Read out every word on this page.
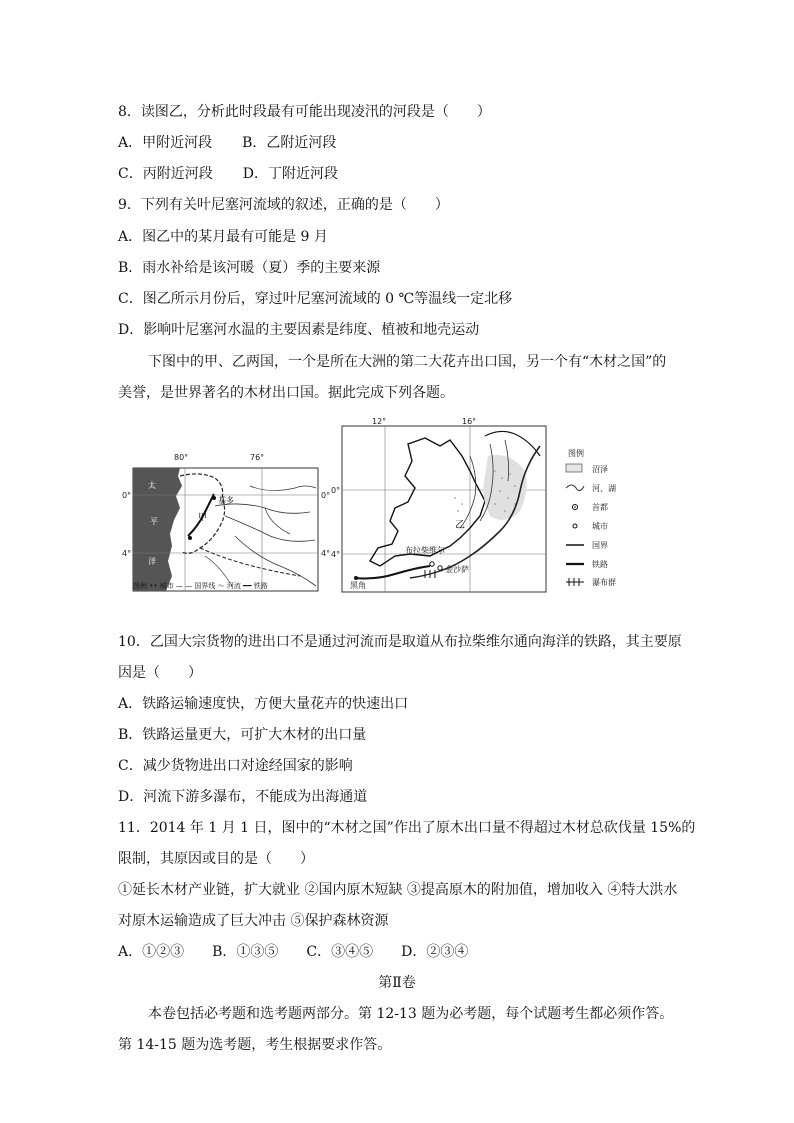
8．读图乙，分析此时段最有可能出现凌汛的河段是（　　）
A．甲附近河段 B．乙附近河段
C．丙附近河段 D．丁附近河段
9．下列有关叶尼塞河流域的叙述，正确的是（　　）
A．图乙中的某月最有可能是 9 月
B．雨水补给是该河暖（夏）季的主要来源
C．图乙所示月份后，穿过叶尼塞河流域的 0 ℃等温线一定北移
D．影响叶尼塞河水温的主要因素是纬度、植被和地壳运动
下图中的甲、乙两国，一个是所在大洲的第二大花卉出口国，另一个有“木材之国”的
美誉，是世界著名的木材出口国。据此完成下列各题。
80°	76°
0°
4°
0°
4°
太
平
洋
甲
基多
图例 •• 城市 — — 国界线 ～ 河流 ━━ 铁路
12°	16°
0°
4°
乙
布拉柴维尔
金沙萨
黑角
图例
沼泽
河、湖
首都
城市
国界
铁路
瀑布群
10．乙国大宗货物的进出口不是通过河流而是取道从布拉柴维尔通向海洋的铁路，其主要原
因是（　　）
A．铁路运输速度快，方便大量花卉的快速出口
B．铁路运量更大，可扩大木材的出口量
C．减少货物进出口对途经国家的影响
D．河流下游多瀑布，不能成为出海通道
11．2014 年 1 月 1 日，图中的“木材之国”作出了原木出口量不得超过木材总砍伐量 15%的
限制，其原因或目的是（　　）
①延长木材产业链，扩大就业 ②国内原木短缺 ③提高原木的附加值，增加收入 ④特大洪水
对原木运输造成了巨大冲击 ⑤保护森林资源
A．①②③　　B．①③⑤　　C．③④⑤　　D．②③④
第Ⅱ卷
本卷包括必考题和选考题两部分。第 12-13 题为必考题，每个试题考生都必须作答。
第 14-15 题为选考题，考生根据要求作答。
